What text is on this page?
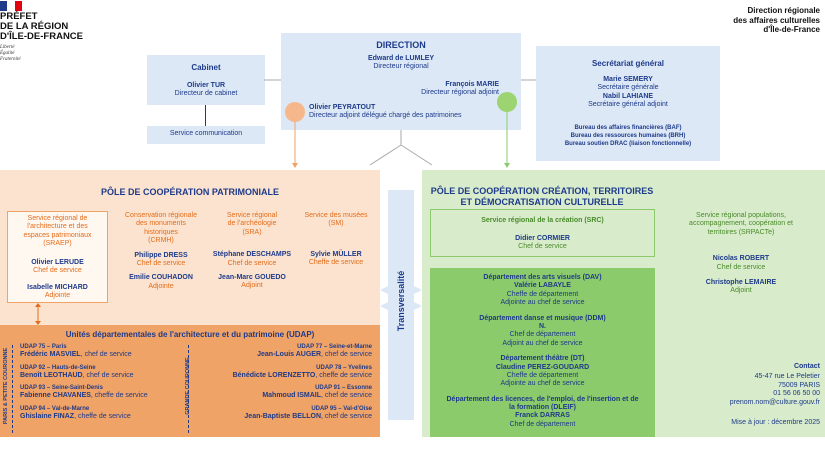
PRÉFET
DE LA RÉGION
D'ÎLE-DE-FRANCE
Liberté
Égalité
Fraternité
Direction régionale
des affaires culturelles
d'Île-de-France
DIRECTION
Edward de LUMLEY
Directeur régional
François MARIE
Directeur régional adjoint
Olivier PEYRATOUT
Directeur adjoint délégué chargé des patrimoines
Cabinet
Olivier TUR
Directeur de cabinet
Service communication
Secrétariat général
Marie SEMERY
Secrétaire générale
Nabil LAHIANE
Secrétaire général adjoint
Bureau des affaires financières (BAF)
Bureau des ressources humaines (BRH)
Bureau soutien DRAC (liaison fonctionnelle)
PÔLE DE COOPÉRATION PATRIMONIALE
Service régional de
l'architecture et des
espaces patrimoniaux
(SRAEP)
Olivier LERUDE
Chef de service
Isabelle MICHARD
Adjointe
Conservation régionale
des monuments
historiques
(CRMH)
Philippe DRESS
Chef de service
Emilie COUHADON
Adjointe
Service régional
de l'archéologie
(SRA)
Stéphane DESCHAMPS
Chef de service
Jean-Marc GOUEDO
Adjoint
Service des musées
(SM)
Sylvie MÜLLER
Cheffe de service
Unités départementales de l'architecture et du patrimoine (UDAP)
PARIS & PETITE COURONNE	GRANDE COURONNE
UDAP 75 – Paris
Frédéric MASVIEL, chef de service
UDAP 92 – Hauts-de-Seine
Benoît LEOTHAUD, chef de service
UDAP 93 – Seine-Saint-Denis
Fabienne CHAVANES, cheffe de service
UDAP 94 – Val-de-Marne
Ghislaine FINAZ, cheffe de service
UDAP 77 – Seine-et-Marne
Jean-Louis AUGER, chef de service
UDAP 78 – Yvelines
Bénédicte LORENZETTO, cheffe de service
UDAP 91 – Essonne
Mahmoud ISMAIL, chef de service
UDAP 95 – Val-d'Oise
Jean-Baptiste BELLON, chef de service
Transversalité
PÔLE DE COOPÉRATION CRÉATION, TERRITOIRES
ET DÉMOCRATISATION CULTURELLE
Service régional de la création (SRC)
Didier CORMIER
Chef de service
Département des arts visuels (DAV)
Valérie LABAYLE
Cheffe de département
Adjointe au chef de service
Département danse et musique (DDM)
N.
Chef de département
Adjoint au chef de service
Département théâtre (DT)
Claudine PEREZ-GOUDARD
Cheffe de département
Adjointe au chef de service
Département des licences, de l'emploi, de l'insertion et de la formation (DLEIF)
Franck DARRAS
Chef de département
Service régional populations,
accompagnement, coopération et
territoires (SRPACTe)
Nicolas ROBERT
Chef de service
Christophe LEMAIRE
Adjoint
Contact
45-47 rue Le Peletier
75009 PARIS
01 56 06 50 00
prenom.nom@culture.gouv.fr
Mise à jour : décembre 2025
